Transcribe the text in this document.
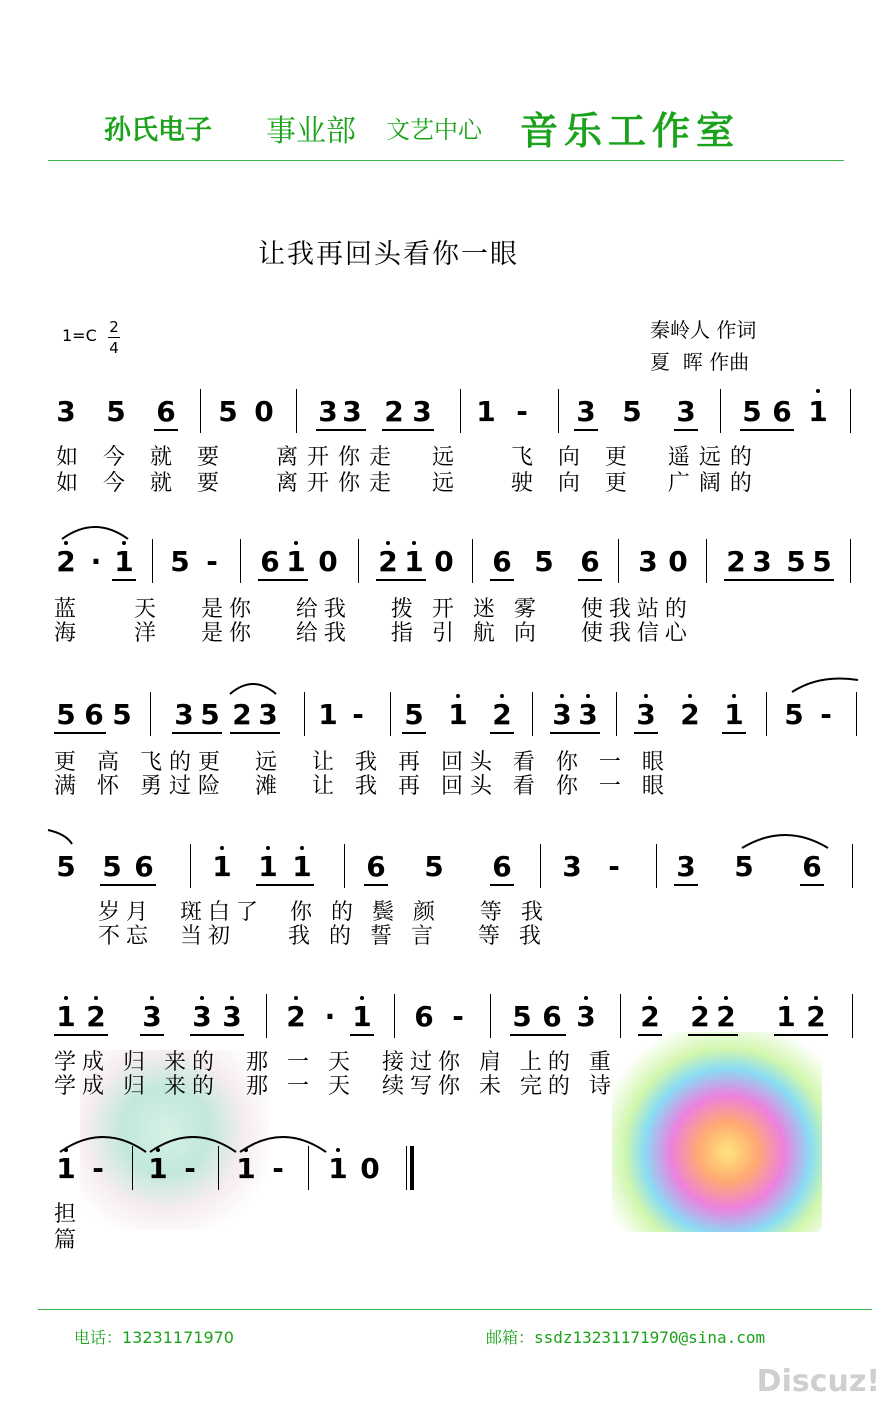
孙氏电子 事业部 文艺中心 音乐工作室
让我再回头看你一眼
1=C 2
4
秦岭人 作词
夏  晖 作曲
3 5 6 5 0 3 3 2 3 1 - 3 5 3 5 6 1
如 今 就 要   离开你走  远   飞 向 更  遥远的
如 今 就 要   离开你走  远   驶 向 更  广阔的
2 · 1 5 - 6 1 0 2 1 0 6 5 6 3 0 2 3 5 5
蓝    天   是你   给我   拨 开 迷 雾   使我站的
海    洋   是你   给我   指 引 航 向   使我信心
5 6 5 3 5 2 3 1 - 5 1 2 3 3 3 2 1 5 -
更 高 飞的更  远  让 我 再 回头 看 你 一 眼
满 怀 勇过险  滩  让 我 再 回头 看 你 一 眼
5 5 6 1 1 1 6 5 6 3 - 3 5 6
岁月  斑白了  你 的 鬓 颜   等 我
不忘  当初    我 的 誓 言   等 我
1 2 3 3 3 2 · 1 6 - 5 6 3 2 2 2 1 2
学成 归 来的  那 一 天  接过你 肩 上的 重
学成 归 来的  那 一 天  续写你 未 完的 诗
1 - 1 - 1 - 1 0
担
篇
电话：13231171970	邮箱：ssdz13231171970@sina.com
Discuz!
